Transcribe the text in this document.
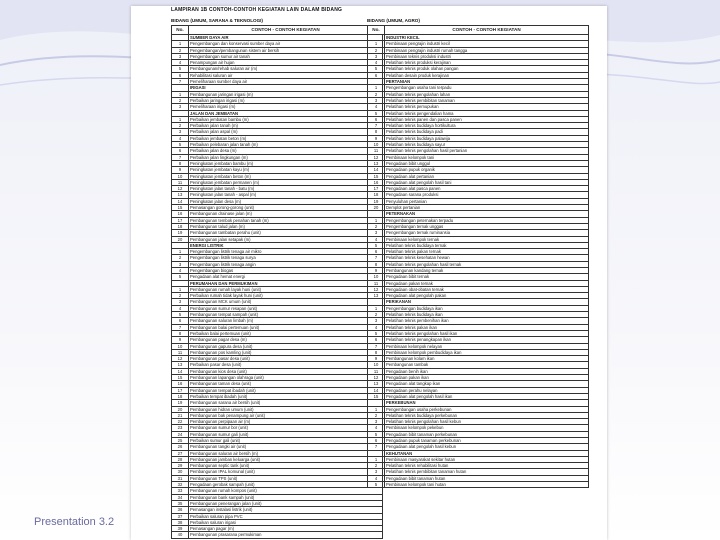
LAMPIRAN 1B CONTOH-CONTOH KEGIATAN LAIN DALAM BIDANG
BIDANG (UMUM, SARANA & TEKNOLOGI)
No.	CONTOH - CONTOH KEGIATAN
	SUMBER DAYA AIR
1	Pengembangan dan konservasi sumber daya air
2	Pengembangan/pembangunan sistem air bersih
3	Pengembangan sumur air tanah
4	Penampungan air hujan
5	Pembangunan/rehab saluran air (m)
6	Rehabilitasi saluran air
7	Pemeliharaan sumber daya air
	IRIGASI
1	Pembangunan jaringan irigasi (m)
2	Perbaikan jaringan irigasi (m)
3	Pemeliharaan irigasi (m)
	JALAN DAN JEMBATAN
1	Perbaikan jembatan bambu (m)
2	Perbaikan jalan tanah (m)
3	Perbaikan jalan aspal (m)
4	Perbaikan jembatan beton (m)
5	Perbaikan pelebaran jalan tanah (m)
6	Perbaikan jalan desa (m)
7	Perbaikan jalan lingkungan (m)
8	Peningkatan jembatan bambu (m)
9	Peningkatan jembatan kayu (m)
10	Peningkatan jembatan beton (m)
11	Peningkatan jembatan permanen (m)
12	Peningkatan jalan tanah - batu (m)
13	Peningkatan jalan tanah - aspal (m)
14	Peningkatan jalan desa (m)
15	Pemasangan gorong-gorong (unit)
16	Pembangunan drainase jalan (m)
17	Pembangunan tembok penahan tanah (m)
18	Pembangunan talud jalan (m)
19	Pembangunan tambatan perahu (unit)
20	Pembangunan jalan setapak (m)
	ENERGI LISTRIK
1	Pengembangan listrik tenaga air mikro
2	Pengembangan listrik tenaga surya
3	Pengembangan listrik tenaga angin
4	Pengembangan biogas
5	Pengadaan alat hemat energi
	PERUMAHAN DAN PERMUKIMAN
1	Pembangunan rumah layak huni (unit)
2	Perbaikan rumah tidak layak huni (unit)
3	Pembangunan MCK umum (unit)
4	Pembangunan sumur resapan (unit)
5	Pembangunan tempat sampah (unit)
6	Pembangunan saluran limbah (m)
7	Pembangunan balai pertemuan (unit)
8	Perbaikan balai pertemuan (unit)
9	Pembangunan pagar desa (m)
10	Pembangunan gapura desa (unit)
11	Pembangunan pos kamling (unit)
12	Pembangunan pasar desa (unit)
13	Perbaikan pasar desa (unit)
14	Pembangunan kios desa (unit)
15	Pembangunan lapangan olahraga (unit)
16	Pembangunan taman desa (unit)
17	Pembangunan tempat ibadah (unit)
18	Perbaikan tempat ibadah (unit)
19	Pembangunan sarana air bersih (unit)
20	Pembangunan hidran umum (unit)
21	Pembangunan bak penampung air (unit)
22	Pembangunan perpipaan air (m)
23	Pembangunan sumur bor (unit)
24	Pembangunan sumur gali (unit)
25	Perbaikan sumur gali (unit)
26	Pembangunan tangki air (unit)
27	Pembangunan saluran air bersih (m)
28	Pembangunan jamban keluarga (unit)
29	Pembangunan septic tank (unit)
30	Pembangunan IPAL komunal (unit)
31	Pembangunan TPS (unit)
32	Pengadaan gerobak sampah (unit)
33	Pembangunan rumah kompos (unit)
34	Pembangunan bank sampah (unit)
35	Pembangunan penerangan jalan (unit)
36	Pemasangan instalasi listrik (unit)
37	Perbaikan saluran pipa PVC
38	Perbaikan saluran irigasi
39	Pemasangan pagar (m)
40	Pembangunan prasarana permukiman
BIDANG (UMUM, AGRO)
No.	CONTOH - CONTOH KEGIATAN
	INDUSTRI KECIL
1	Pembinaan pengrajin industri kecil
2	Pembinaan pengrajin industri rumah tangga
3	Pembinaan teknis produksi industri
4	Pelatihan teknis produksi kerajinan
5	Pelatihan teknis produk olahan pangan
6	Pelatihan desain produk kerajinan
	PERTANIAN
1	Pengembangan usaha tani terpadu
2	Pelatihan teknis pengolahan lahan
3	Pelatihan teknis pembibitan tanaman
4	Pelatihan teknis pemupukan
5	Pelatihan teknis pengendalian hama
6	Pelatihan teknis panen dan pasca panen
7	Pelatihan teknis budidaya hortikultura
8	Pelatihan teknis budidaya padi
9	Pelatihan teknis budidaya palawija
10	Pelatihan teknis budidaya sayur
11	Pelatihan teknis pengolahan hasil pertanian
12	Pembinaan kelompok tani
13	Pengadaan bibit unggul
14	Pengadaan pupuk organik
15	Pengadaan alat pertanian
16	Pengadaan alat pengolah hasil tani
17	Pengadaan alat pasca panen
18	Pengadaan sarana produksi
19	Penyuluhan pertanian
20	Demplot pertanian
	PETERNAKAN
1	Pengembangan peternakan terpadu
2	Pengembangan ternak unggas
3	Pengembangan ternak ruminansia
4	Pembinaan kelompok ternak
5	Pelatihan teknis budidaya ternak
6	Pelatihan teknis pakan ternak
7	Pelatihan teknis kesehatan hewan
8	Pelatihan teknis pengolahan hasil ternak
9	Pembangunan kandang ternak
10	Pengadaan bibit ternak
11	Pengadaan pakan ternak
12	Pengadaan obat-obatan ternak
13	Pengadaan alat pengolah pakan
	PERIKANAN
1	Pengembangan budidaya ikan
2	Pelatihan teknis budidaya ikan
3	Pelatihan teknis pembenihan ikan
4	Pelatihan teknis pakan ikan
5	Pelatihan teknis pengolahan hasil ikan
6	Pelatihan teknis penangkapan ikan
7	Pembinaan kelompok nelayan
8	Pembinaan kelompok pembudidaya ikan
9	Pembangunan kolam ikan
10	Pembangunan tambak
11	Pengadaan benih ikan
12	Pengadaan pakan ikan
13	Pengadaan alat tangkap ikan
14	Pengadaan perahu nelayan
15	Pengadaan alat pengolah hasil ikan
	PERKEBUNAN
1	Pengembangan usaha perkebunan
2	Pelatihan teknis budidaya perkebunan
3	Pelatihan teknis pengolahan hasil kebun
4	Pembinaan kelompok pekebun
5	Pengadaan bibit tanaman perkebunan
6	Pengadaan pupuk tanaman perkebunan
7	Pengadaan alat pengolah hasil kebun
	KEHUTANAN
1	Pembinaan masyarakat sekitar hutan
2	Pelatihan teknis rehabilitasi hutan
3	Pelatihan teknis pembibitan tanaman hutan
4	Pengadaan bibit tanaman hutan
5	Pembinaan kelompok tani hutan
Presentation 3.2
